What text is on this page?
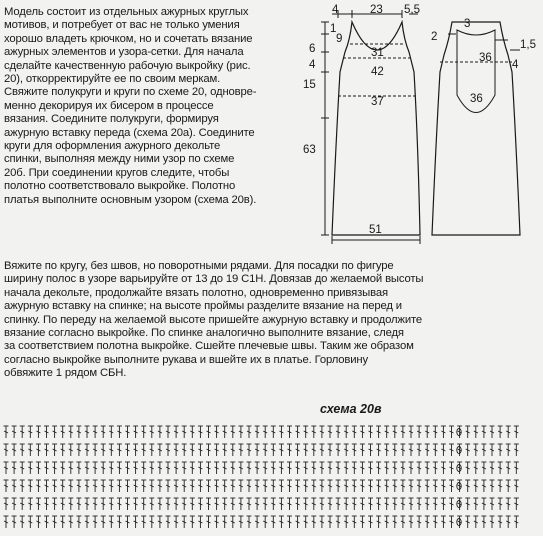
Модель состоит из отдельных ажурных круглых

мотивов, и потребует от вас не только умения

хорошо владеть крючком, но и сочетать вязание

ажурных элементов и узора-сетки. Для начала

сделайте качественную рабочую выкройку (рис.

20), откорректируйте ее по своим меркам.

Свяжите полукруги и круги по схеме 20, одновре-

менно декорируя их бисером в процессе

вязания. Соедините полукруги, формируя

ажурную вставку переда (схема 20а). Соедините

круги для оформления ажурного декольте

спинки, выполняя между ними узор по схеме

20б. При соединении кругов следите, чтобы

полотно соответствовало выкройке. Полотно

платья выполните основным узором (схема 20в).

Вяжите по кругу, без швов, но поворотными рядами. Для посадки по фигуре

ширину полос в узоре варьируйте от 13 до 19 С1Н. Довязав до желаемой высоты

начала декольте, продолжайте вязать полотно, одновременно привязывая

ажурную вставку на спинке; на высоте проймы разделите вязание на перед и

спинку. По переду на желаемой высоте пришейте ажурную вставку и продолжите

вязание согласно выкройке. По спинке аналогично выполните вязание, следя

за соответствием полотна выкройке. Сшейте плечевые швы. Таким же образом

согласно выкройке выполните рукава и вшейте их в платье. Горловину

обвяжите 1 рядом СБН.

4	23 5,5
1
9
6
4
15
63
31
42
37
51
3
2
36
36
1,5
4
схема 20в
